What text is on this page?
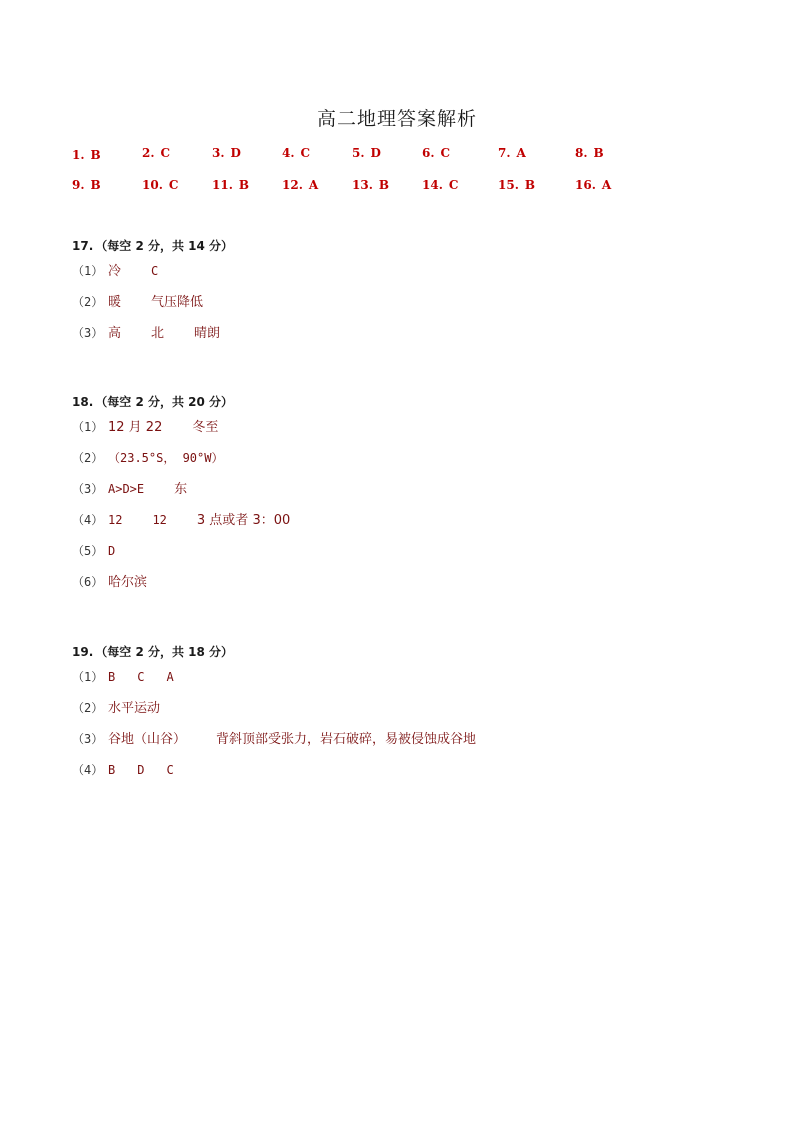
高二地理答案解析
1. B	2. C	3. D	4. C	5. D	6. C	7. A	8. B
9. B	10. C	11. B	12. A	13. B	14. C	15. B	16. A
17. （每空 2 分，共 14 分）
（1） 冷	C
（2） 暖 气压降低
（3） 高 北 晴朗
18. （每空 2 分，共 20 分）
（1） 12 月 22 冬至
（2） （23.5°S， 90°W）
（3） A>D>E 东
（4） 12	12 3 点或者 3：00
（5） D
（6） 哈尔滨
19. （每空 2 分，共 18 分）
（1） B C A
（2） 水平运动
（3） 谷地（山谷） 背斜顶部受张力，岩石破碎，易被侵蚀成谷地
（4） B D C
